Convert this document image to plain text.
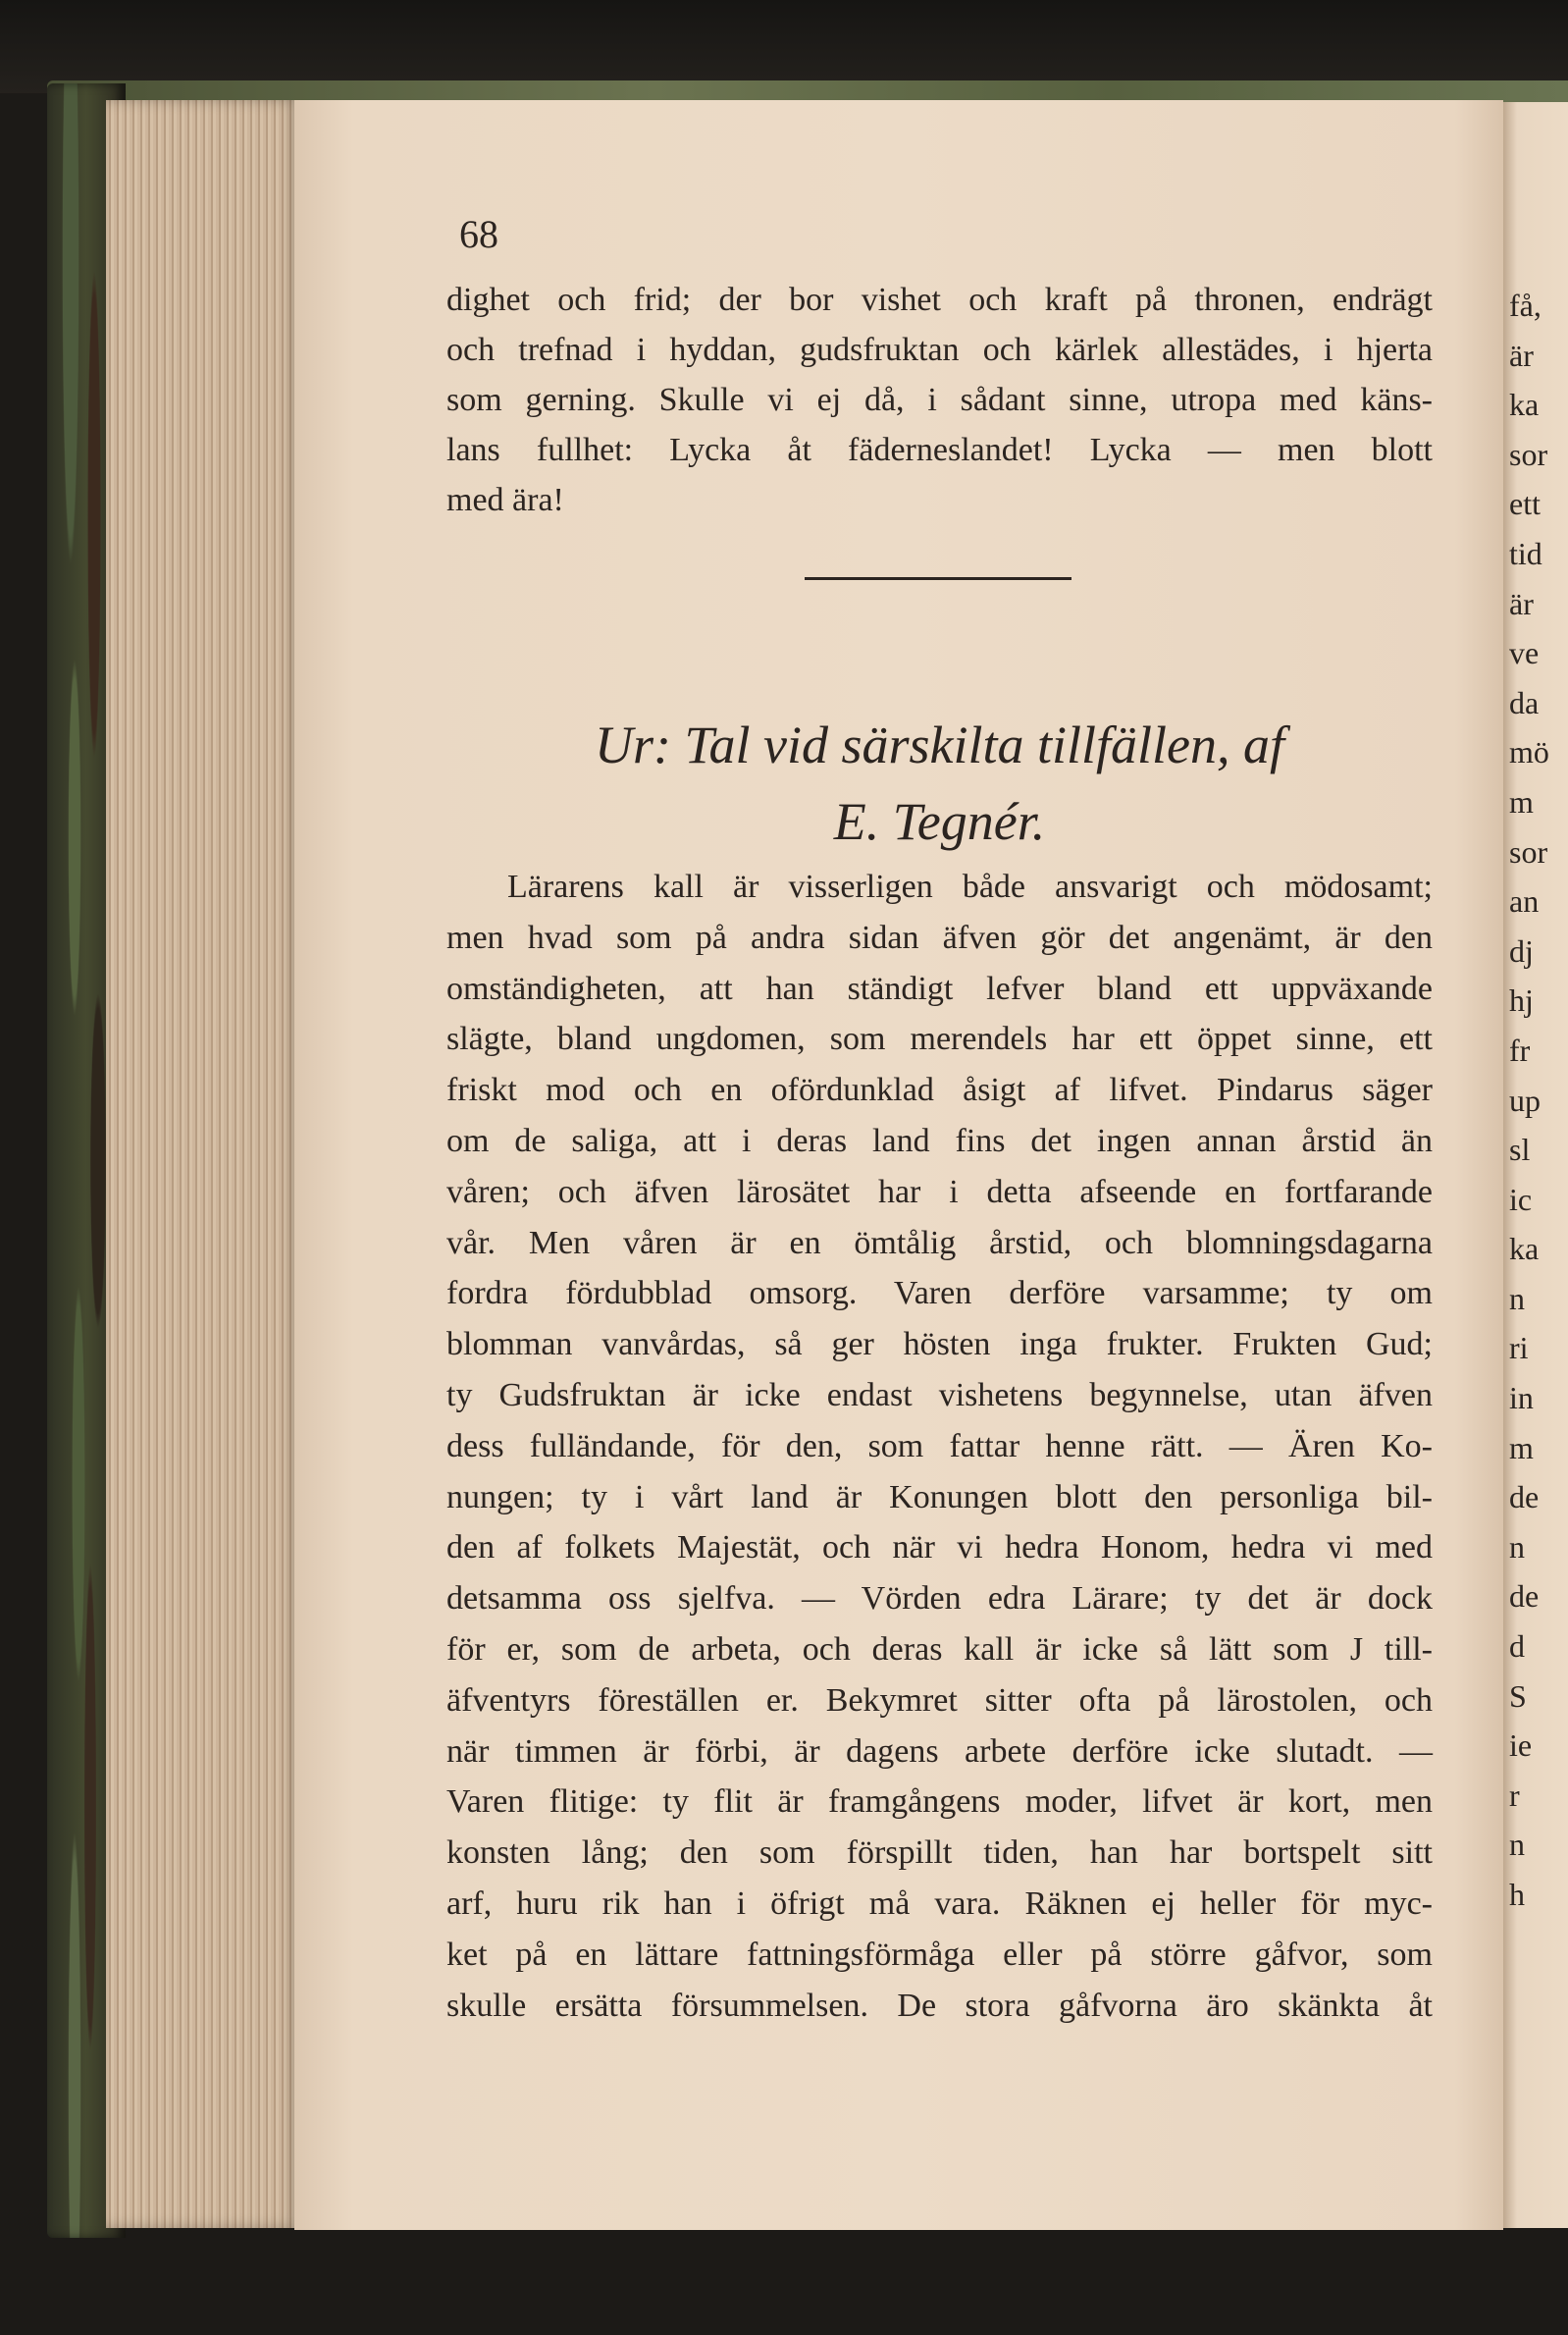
68
dighet och frid; der bor vishet och kraft på thronen, endrägt
och trefnad i hyddan, gudsfruktan och kärlek allestädes, i hjerta
som gerning. Skulle vi ej då, i sådant sinne, utropa med käns-
lans fullhet: Lycka åt fäderneslandet! Lycka — men blott
med ära!
Ur: Tal vid särskilta tillfällen, af
E. Tegnér.
Lärarens kall är visserligen både ansvarigt och mödosamt;
men hvad som på andra sidan äfven gör det angenämt, är den
omständigheten, att han ständigt lefver bland ett uppväxande
slägte, bland ungdomen, som merendels har ett öppet sinne, ett
friskt mod och en ofördunklad åsigt af lifvet. Pindarus säger
om de saliga, att i deras land fins det ingen annan årstid än
våren; och äfven lärosätet har i detta afseende en fortfarande
vår. Men våren är en ömtålig årstid, och blomningsdagarna
fordra fördubblad omsorg. Varen derföre varsamme; ty om
blomman vanvårdas, så ger hösten inga frukter. Frukten Gud;
ty Gudsfruktan är icke endast vishetens begynnelse, utan äfven
dess fulländande, för den, som fattar henne rätt. — Ären Ko-
nungen; ty i vårt land är Konungen blott den personliga bil-
den af folkets Majestät, och när vi hedra Honom, hedra vi med
detsamma oss sjelfva. — Vörden edra Lärare; ty det är dock
för er, som de arbeta, och deras kall är icke så lätt som J till-
äfventyrs föreställen er. Bekymret sitter ofta på lärostolen, och
när timmen är förbi, är dagens arbete derföre icke slutadt. —
Varen flitige: ty flit är framgångens moder, lifvet är kort, men
konsten lång; den som förspillt tiden, han har bortspelt sitt
arf, huru rik han i öfrigt må vara. Räknen ej heller för myc-
ket på en lättare fattningsförmåga eller på större gåfvor, som
skulle ersätta försummelsen. De stora gåfvorna äro skänkta åt
få,
är
ka
sor
ett
tid
är
ve
da
mö
m
sor
an
dj
hj
fr
up
sl
ic
ka
n
ri
in
m
de
n
de
d
S
ie
r
n
h
